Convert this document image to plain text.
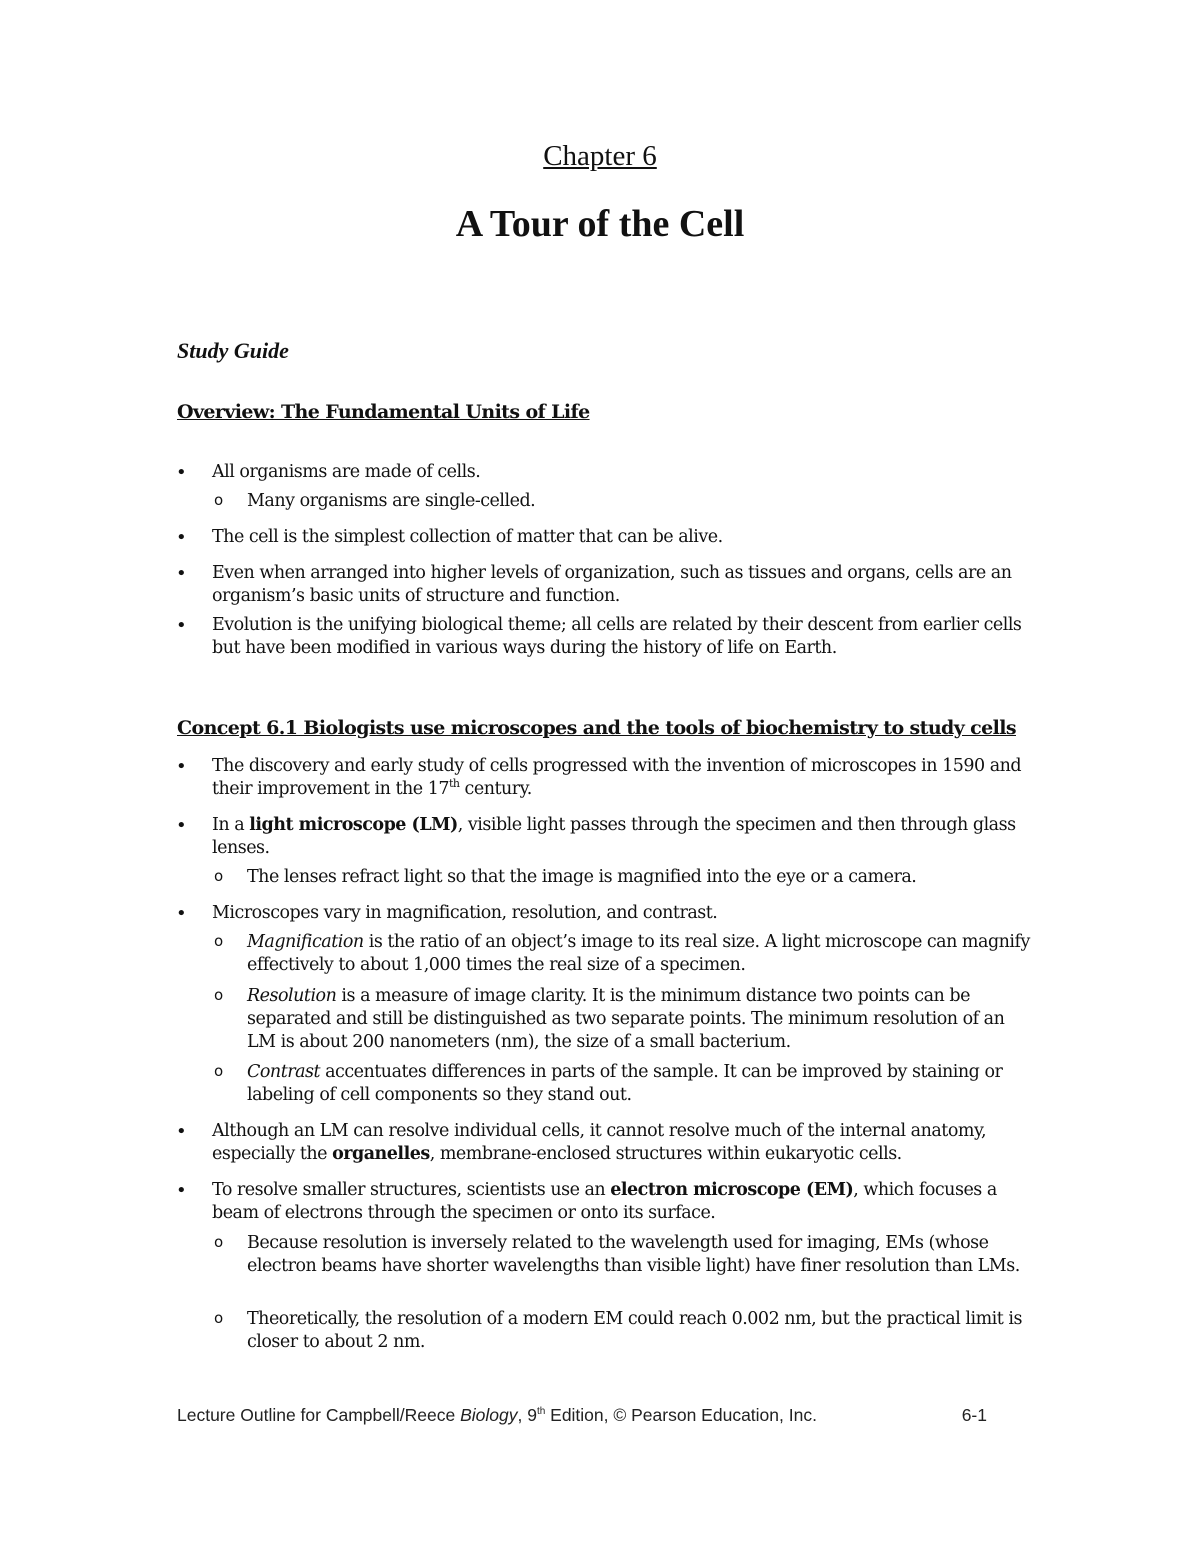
Chapter 6
A Tour of the Cell
Study Guide
Overview: The Fundamental Units of Life
• All organisms are made of cells.
o Many organisms are single-celled.
• The cell is the simplest collection of matter that can be alive.
• Even when arranged into higher levels of organization, such as tissues and organs, cells are an organism’s basic units of structure and function.
• Evolution is the unifying biological theme; all cells are related by their descent from earlier cells but have been modified in various ways during the history of life on Earth.
Concept 6.1 Biologists use microscopes and the tools of biochemistry to study cells
• The discovery and early study of cells progressed with the invention of microscopes in 1590 and their improvement in the 17th century.
• In a light microscope (LM), visible light passes through the specimen and then through glass lenses.
o The lenses refract light so that the image is magnified into the eye or a camera.
• Microscopes vary in magnification, resolution, and contrast.
o Magnification is the ratio of an object’s image to its real size. A light microscope can magnify effectively to about 1,000 times the real size of a specimen.
o Resolution is a measure of image clarity. It is the minimum distance two points can be separated and still be distinguished as two separate points. The minimum resolution of an LM is about 200 nanometers (nm), the size of a small bacterium.
o Contrast accentuates differences in parts of the sample. It can be improved by staining or labeling of cell components so they stand out.
• Although an LM can resolve individual cells, it cannot resolve much of the internal anatomy, especially the organelles, membrane-enclosed structures within eukaryotic cells.
• To resolve smaller structures, scientists use an electron microscope (EM), which focuses a beam of electrons through the specimen or onto its surface.
o Because resolution is inversely related to the wavelength used for imaging, EMs (whose electron beams have shorter wavelengths than visible light) have finer resolution than LMs.
o Theoretically, the resolution of a modern EM could reach 0.002 nm, but the practical limit is closer to about 2 nm.
Lecture Outline for Campbell/Reece Biology, 9th Edition, © Pearson Education, Inc.	6-1
